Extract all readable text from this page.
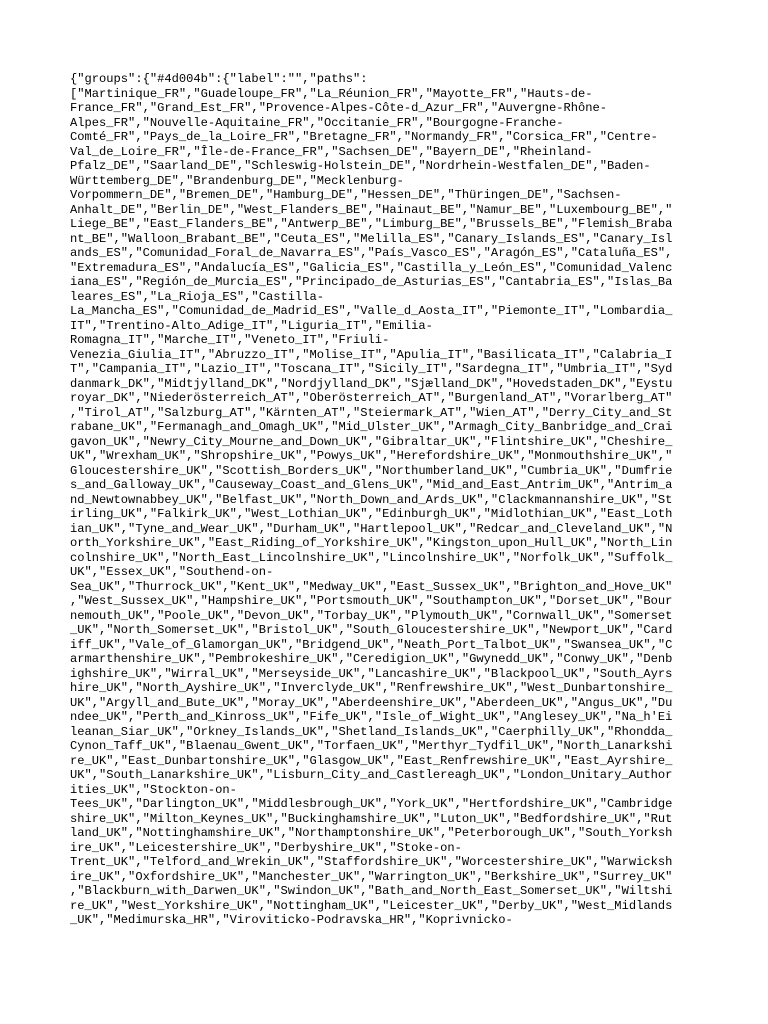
{"groups":{"#4d004b":{"label":"","paths":
["Martinique_FR","Guadeloupe_FR","La_Réunion_FR","Mayotte_FR","Hauts-de-
France_FR","Grand_Est_FR","Provence-Alpes-Côte-d_Azur_FR","Auvergne-Rhône-
Alpes_FR","Nouvelle-Aquitaine_FR","Occitanie_FR","Bourgogne-Franche-
Comté_FR","Pays_de_la_Loire_FR","Bretagne_FR","Normandy_FR","Corsica_FR","Centre-
Val_de_Loire_FR","Île-de-France_FR","Sachsen_DE","Bayern_DE","Rheinland-
Pfalz_DE","Saarland_DE","Schleswig-Holstein_DE","Nordrhein-Westfalen_DE","Baden-
Württemberg_DE","Brandenburg_DE","Mecklenburg-
Vorpommern_DE","Bremen_DE","Hamburg_DE","Hessen_DE","Thüringen_DE","Sachsen-
Anhalt_DE","Berlin_DE","West_Flanders_BE","Hainaut_BE","Namur_BE","Luxembourg_BE","
Liege_BE","East_Flanders_BE","Antwerp_BE","Limburg_BE","Brussels_BE","Flemish_Braba
nt_BE","Walloon_Brabant_BE","Ceuta_ES","Melilla_ES","Canary_Islands_ES","Canary_Isl
ands_ES","Comunidad_Foral_de_Navarra_ES","País_Vasco_ES","Aragón_ES","Cataluña_ES",
"Extremadura_ES","Andalucía_ES","Galicia_ES","Castilla_y_León_ES","Comunidad_Valenc
iana_ES","Región_de_Murcia_ES","Principado_de_Asturias_ES","Cantabria_ES","Islas_Ba
leares_ES","La_Rioja_ES","Castilla-
La_Mancha_ES","Comunidad_de_Madrid_ES","Valle_d_Aosta_IT","Piemonte_IT","Lombardia_
IT","Trentino-Alto_Adige_IT","Liguria_IT","Emilia-
Romagna_IT","Marche_IT","Veneto_IT","Friuli-
Venezia_Giulia_IT","Abruzzo_IT","Molise_IT","Apulia_IT","Basilicata_IT","Calabria_I
T","Campania_IT","Lazio_IT","Toscana_IT","Sicily_IT","Sardegna_IT","Umbria_IT","Syd
danmark_DK","Midtjylland_DK","Nordjylland_DK","Sjælland_DK","Hovedstaden_DK","Eystu
royar_DK","Niederösterreich_AT","Oberösterreich_AT","Burgenland_AT","Vorarlberg_AT"
,"Tirol_AT","Salzburg_AT","Kärnten_AT","Steiermark_AT","Wien_AT","Derry_City_and_St
rabane_UK","Fermanagh_and_Omagh_UK","Mid_Ulster_UK","Armagh_City_Banbridge_and_Crai
gavon_UK","Newry_City_Mourne_and_Down_UK","Gibraltar_UK","Flintshire_UK","Cheshire_
UK","Wrexham_UK","Shropshire_UK","Powys_UK","Herefordshire_UK","Monmouthshire_UK","
Gloucestershire_UK","Scottish_Borders_UK","Northumberland_UK","Cumbria_UK","Dumfrie
s_and_Galloway_UK","Causeway_Coast_and_Glens_UK","Mid_and_East_Antrim_UK","Antrim_a
nd_Newtownabbey_UK","Belfast_UK","North_Down_and_Ards_UK","Clackmannanshire_UK","St
irling_UK","Falkirk_UK","West_Lothian_UK","Edinburgh_UK","Midlothian_UK","East_Loth
ian_UK","Tyne_and_Wear_UK","Durham_UK","Hartlepool_UK","Redcar_and_Cleveland_UK","N
orth_Yorkshire_UK","East_Riding_of_Yorkshire_UK","Kingston_upon_Hull_UK","North_Lin
colnshire_UK","North_East_Lincolnshire_UK","Lincolnshire_UK","Norfolk_UK","Suffolk_
UK","Essex_UK","Southend-on-
Sea_UK","Thurrock_UK","Kent_UK","Medway_UK","East_Sussex_UK","Brighton_and_Hove_UK"
,"West_Sussex_UK","Hampshire_UK","Portsmouth_UK","Southampton_UK","Dorset_UK","Bour
nemouth_UK","Poole_UK","Devon_UK","Torbay_UK","Plymouth_UK","Cornwall_UK","Somerset
_UK","North_Somerset_UK","Bristol_UK","South_Gloucestershire_UK","Newport_UK","Card
iff_UK","Vale_of_Glamorgan_UK","Bridgend_UK","Neath_Port_Talbot_UK","Swansea_UK","C
armarthenshire_UK","Pembrokeshire_UK","Ceredigion_UK","Gwynedd_UK","Conwy_UK","Denb
ighshire_UK","Wirral_UK","Merseyside_UK","Lancashire_UK","Blackpool_UK","South_Ayrs
hire_UK","North_Ayshire_UK","Inverclyde_UK","Renfrewshire_UK","West_Dunbartonshire_
UK","Argyll_and_Bute_UK","Moray_UK","Aberdeenshire_UK","Aberdeen_UK","Angus_UK","Du
ndee_UK","Perth_and_Kinross_UK","Fife_UK","Isle_of_Wight_UK","Anglesey_UK","Na_h'Ei
leanan_Siar_UK","Orkney_Islands_UK","Shetland_Islands_UK","Caerphilly_UK","Rhondda_
Cynon_Taff_UK","Blaenau_Gwent_UK","Torfaen_UK","Merthyr_Tydfil_UK","North_Lanarkshi
re_UK","East_Dunbartonshire_UK","Glasgow_UK","East_Renfrewshire_UK","East_Ayrshire_
UK","South_Lanarkshire_UK","Lisburn_City_and_Castlereagh_UK","London_Unitary_Author
ities_UK","Stockton-on-
Tees_UK","Darlington_UK","Middlesbrough_UK","York_UK","Hertfordshire_UK","Cambridge
shire_UK","Milton_Keynes_UK","Buckinghamshire_UK","Luton_UK","Bedfordshire_UK","Rut
land_UK","Nottinghamshire_UK","Northamptonshire_UK","Peterborough_UK","South_Yorksh
ire_UK","Leicestershire_UK","Derbyshire_UK","Stoke-on-
Trent_UK","Telford_and_Wrekin_UK","Staffordshire_UK","Worcestershire_UK","Warwicksh
ire_UK","Oxfordshire_UK","Manchester_UK","Warrington_UK","Berkshire_UK","Surrey_UK"
,"Blackburn_with_Darwen_UK","Swindon_UK","Bath_and_North_East_Somerset_UK","Wiltshi
re_UK","West_Yorkshire_UK","Nottingham_UK","Leicester_UK","Derby_UK","West_Midlands
_UK","Medimurska_HR","Viroviticko-Podravska_HR","Koprivnicko-
